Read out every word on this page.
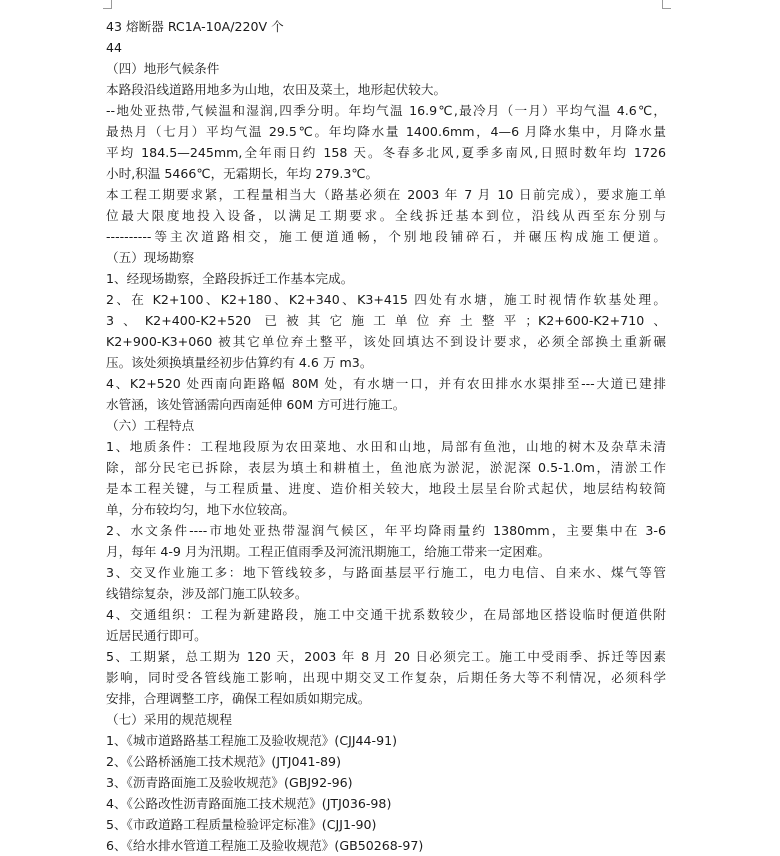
43 熔断器 RC1A-10A/220V 个
44
（四）地形气候条件
本路段沿线道路用地多为山地，农田及菜土，地形起伏较大。
--地处亚热带,气候温和湿润,四季分明。年均气温 16.9℃,最冷月（一月）平均气温 4.6℃，
最热月（七月）平均气温 29.5℃。年均降水量 1400.6mm，4—6 月降水集中，月降水量
平均 184.5—245mm,全年雨日约 158 天。冬春多北风,夏季多南风,日照时数年均 1726
小时,积温 5466℃，无霜期长，年均 279.3℃。
本工程工期要求紧，工程量相当大（路基必须在 2003 年 7 月 10 日前完成），要求施工单
位最大限度地投入设备，以满足工期要求。全线拆迁基本到位，沿线从西至东分别与
----------等主次道路相交，施工便道通畅，个别地段铺碎石，并碾压构成施工便道。
（五）现场勘察
1、经现场勘察，全路段拆迁工作基本完成。
2、在 K2+100、K2+180、K2+340、K3+415 四处有水塘，施工时视情作软基处理。
3、K2+400-K2+520 已被其它施工单位弃土整平；K2+600-K2+710、
K2+900-K3+060 被其它单位弃土整平，该处回填达不到设计要求，必须全部换土重新碾
压。该处须换填量经初步估算约有 4.6 万 m3。
4、K2+520 处西南向距路幅 80M 处，有水塘一口，并有农田排水水渠排至---大道已建排
水管涵，该处管涵需向西南延伸 60M 方可进行施工。
（六）工程特点
1、地质条件：工程地段原为农田菜地、水田和山地，局部有鱼池，山地的树木及杂草未清
除，部分民宅已拆除，表层为填土和耕植土，鱼池底为淤泥，淤泥深 0.5-1.0m，清淤工作
是本工程关键，与工程质量、进度、造价相关较大，地段土层呈台阶式起伏，地层结构较简
单，分布较均匀，地下水位较高。
2、水文条件----市地处亚热带湿润气候区，年平均降雨量约 1380mm，主要集中在 3-6
月，每年 4-9 月为汛期。工程正值雨季及河流汛期施工，给施工带来一定困难。
3、交叉作业施工多：地下管线较多，与路面基层平行施工，电力电信、自来水、煤气等管
线错综复杂，涉及部门施工队较多。
4、交通组织：工程为新建路段，施工中交通干扰系数较少，在局部地区搭设临时便道供附
近居民通行即可。
5、工期紧，总工期为 120 天，2003 年 8 月 20 日必须完工。施工中受雨季、拆迁等因素
影响，同时受各管线施工影响，出现中期交叉工作复杂，后期任务大等不利情况，必须科学
安排，合理调整工序，确保工程如质如期完成。
（七）采用的规范规程
1、《城市道路路基工程施工及验收规范》(CJJ44-91)
2、《公路桥涵施工技术规范》(JTJ041-89)
3、《沥青路面施工及验收规范》(GBJ92-96)
4、《公路改性沥青路面施工技术规范》(JTJ036-98)
5、《市政道路工程质量检验评定标准》(CJJ1-90)
6、《给水排水管道工程施工及验收规范》(GB50268-97)
